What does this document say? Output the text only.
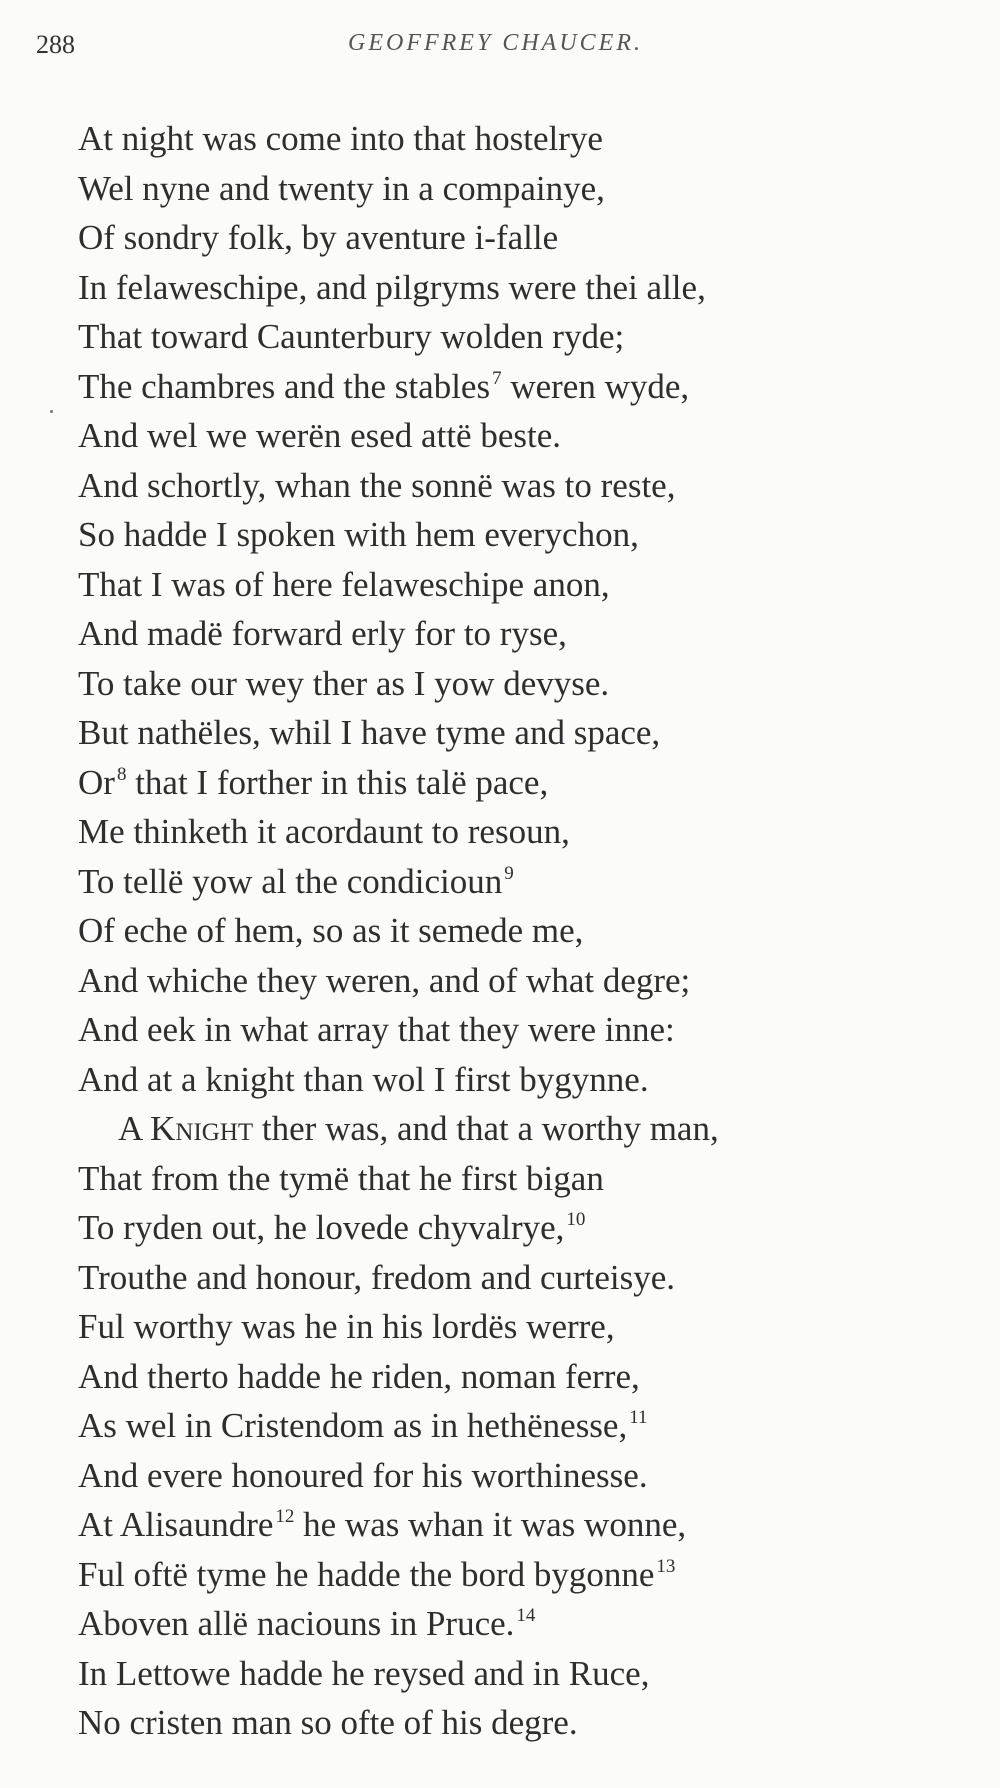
288	GEOFFREY CHAUCER.
At night was come into that hostelrye
Wel nyne and twenty in a compainye,
Of sondry folk, by aventure i-falle
In felaweschipe, and pilgryms were thei alle,
That toward Caunterbury wolden ryde;
The chambres and the stables $^7$ weren wyde,
And wel we werën esed attë beste.
And schortly, whan the sonnë was to reste,
So hadde I spoken with hem everychon,
That I was of here felaweschipe anon,
And madë forward erly for to ryse,
To take our wey ther as I yow devyse.
But nathëles, whil I have tyme and space,
Or $^8$ that I forther in this talë pace,
Me thinketh it acordaunt to resoun,
To tellë yow al the condicioun $^9$
Of eche of hem, so as it semede me,
And whiche they weren, and of what degre;
And eek in what array that they were inne:
And at a knight than wol I first bygynne.
A Knight ther was, and that a worthy man,
That from the tymë that he first bigan
To ryden out, he lovede chyvalrye, $^{10}$
Trouthe and honour, fredom and curteisye.
Ful worthy was he in his lordës werre,
And therto hadde he riden, noman ferre,
As wel in Cristendom as in hethënesse, $^{11}$
And evere honoured for his worthinesse.
At Alisaundre $^{12}$ he was whan it was wonne,
Ful oftë tyme he hadde the bord bygonne $^{13}$
Aboven allë naciouns in Pruce. $^{14}$
In Lettowe hadde he reysed and in Ruce,
No cristen man so ofte of his degre.
